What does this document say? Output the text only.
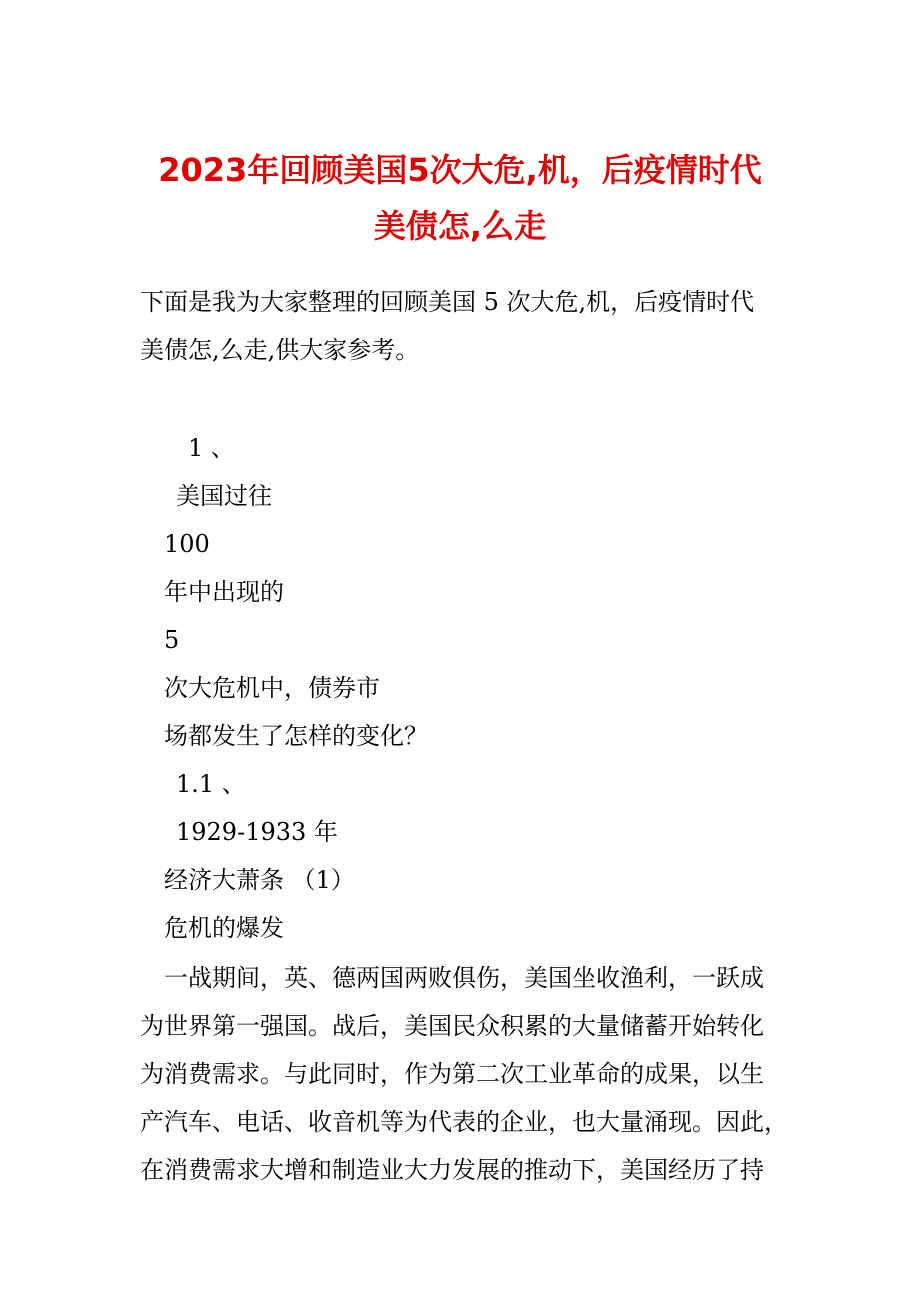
2023年回顾美国5次大危,机，后疫情时代
美债怎,么走
下面是我为大家整理的回顾美国 5 次大危,机，后疫情时代
美债怎,么走,供大家参考。
1 、
美国过往
100
年中出现的
5
次大危机中，债券市
场都发生了怎样的变化？
1.1 、
1929-1933 年
经济大萧条 （1）
危机的爆发
一战期间，英、德两国两败俱伤，美国坐收渔利，一跃成
为世界第一强国。战后，美国民众积累的大量储蓄开始转化
为消费需求。与此同时，作为第二次工业革命的成果，以生
产汽车、电话、收音机等为代表的企业，也大量涌现。因此，
在消费需求大增和制造业大力发展的推动下，美国经历了持
